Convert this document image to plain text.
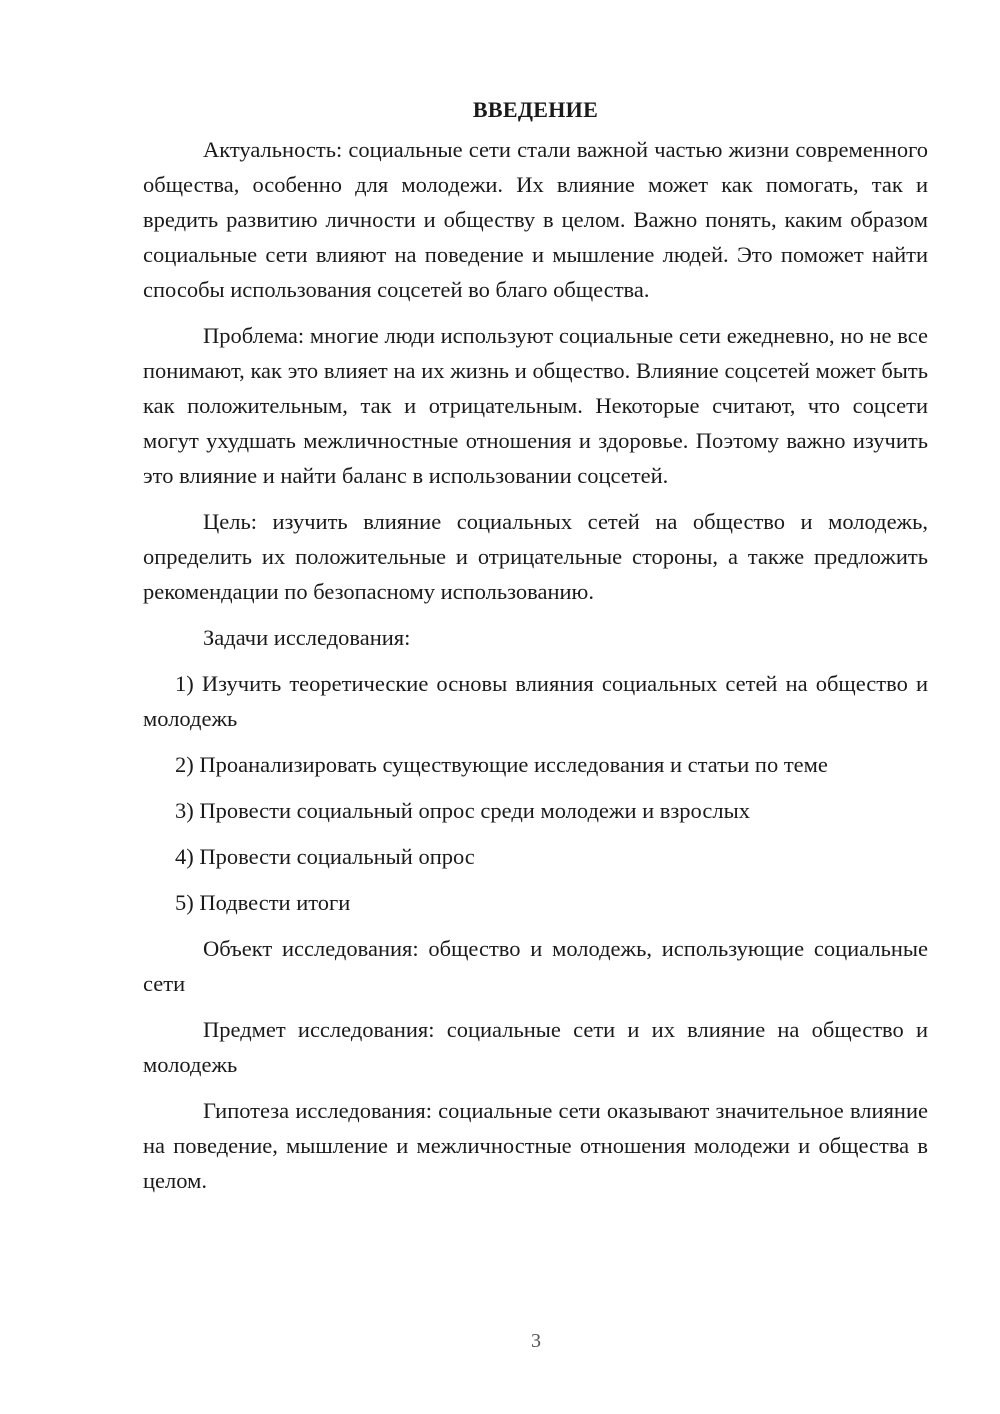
ВВЕДЕНИЕ

Актуальность: социальные сети стали важной частью жизни современного общества, особенно для молодежи. Их влияние может как помогать, так и вредить развитию личности и обществу в целом. Важно понять, каким образом социальные сети влияют на поведение и мышление людей. Это поможет найти способы использования соцсетей во благо общества.

Проблема: многие люди используют социальные сети ежедневно, но не все понимают, как это влияет на их жизнь и общество. Влияние соцсетей может быть как положительным, так и отрицательным. Некоторые считают, что соцсети могут ухудшать межличностные отношения и здоровье. Поэтому важно изучить это влияние и найти баланс в использовании соцсетей.

Цель: изучить влияние социальных сетей на общество и молодежь, определить их положительные и отрицательные стороны, а также предложить рекомендации по безопасному использованию.

Задачи исследования:

1) Изучить теоретические основы влияния социальных сетей на общество и молодежь

2) Проанализировать существующие исследования и статьи по теме

3) Провести социальный опрос среди молодежи и взрослых

4) Провести социальный опрос

5) Подвести итоги

Объект исследования: общество и молодежь, использующие социальные сети

Предмет исследования: социальные сети и их влияние на общество и молодежь

Гипотеза исследования: социальные сети оказывают значительное влияние на поведение, мышление и межличностные отношения молодежи и общества в целом.

3
